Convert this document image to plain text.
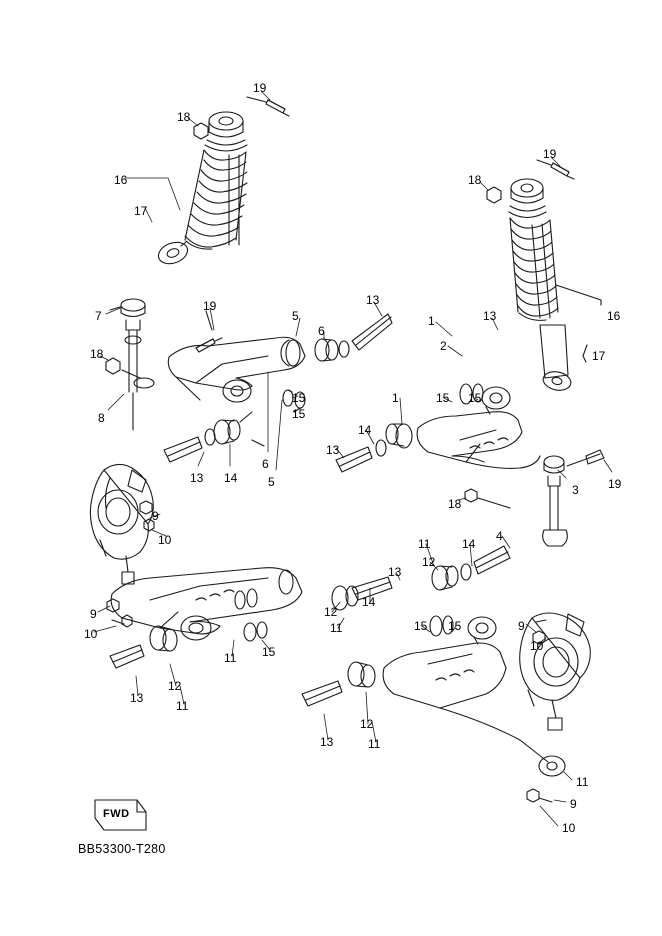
19
18
16
17
19
18
16
17
7
19
5
6
13
1	13
2
18
8
15
15
1	15 15
14
13
13 14
6
5
3 19
18
9
10	4
11	14
12
13
12
14
11
9
10
15
11
15 15	9
10
13
12
11
13
12
11
11
9
10
FWD
BB53300-T280
